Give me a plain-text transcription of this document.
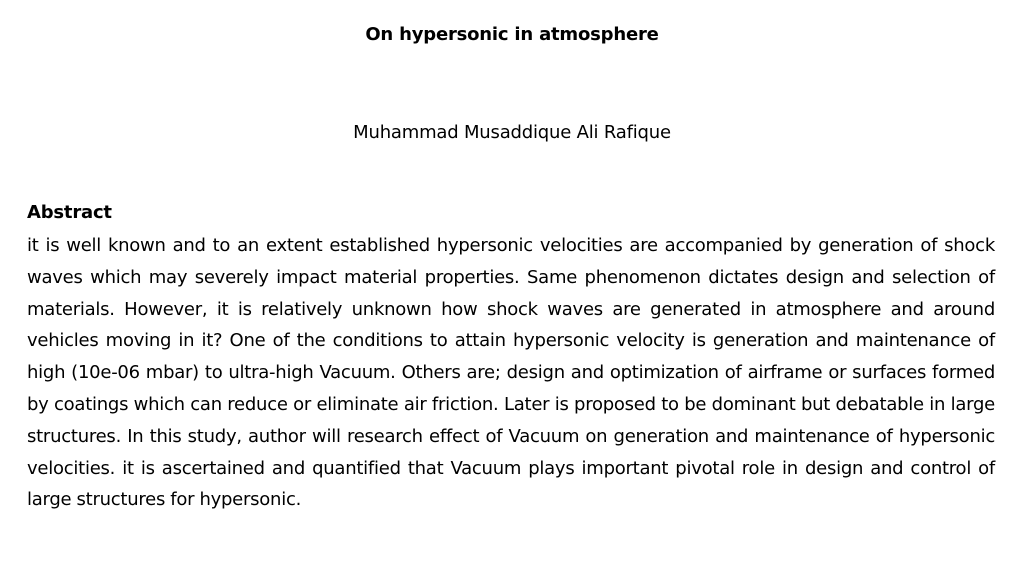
On hypersonic in atmosphere
Muhammad Musaddique Ali Rafique
Abstract

it is well known and to an extent established hypersonic velocities are accompanied by generation of shock waves which may severely impact material properties. Same phenomenon dictates design and selection of materials. However, it is relatively unknown how shock waves are generated in atmosphere and around vehicles moving in it? One of the conditions to attain hypersonic velocity is generation and maintenance of high (10e-06 mbar) to ultra-high Vacuum. Others are; design and optimization of airframe or surfaces formed by coatings which can reduce or eliminate air friction. Later is proposed to be dominant but debatable in large structures. In this study, author will research effect of Vacuum on generation and maintenance of hypersonic velocities. it is ascertained and quantified that Vacuum plays important pivotal role in design and control of large structures for hypersonic.
